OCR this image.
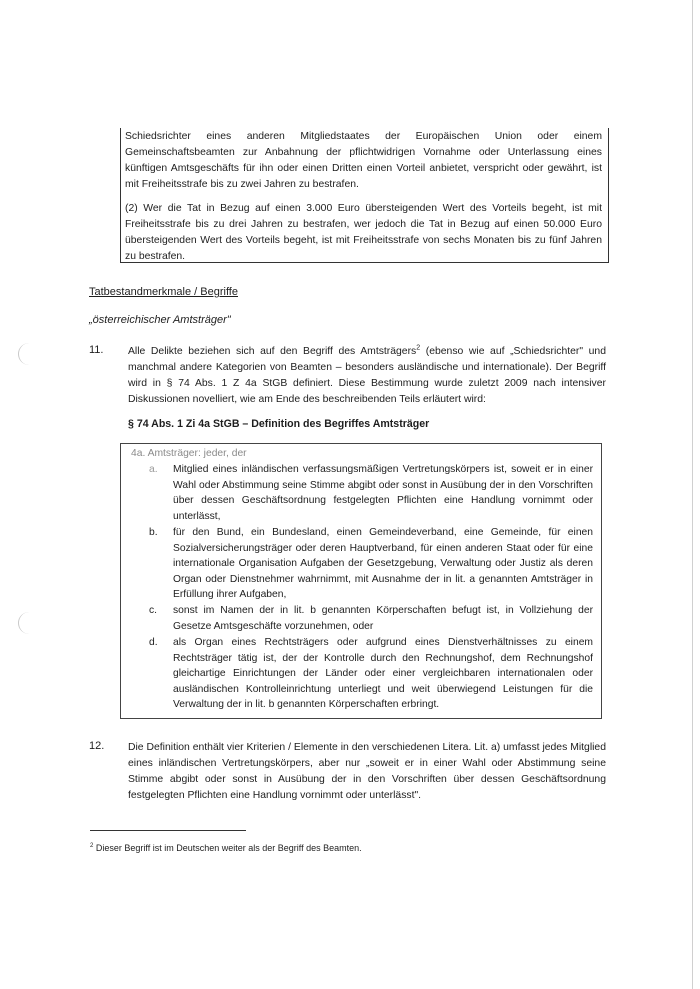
Schiedsrichter eines anderen Mitgliedstaates der Europäischen Union oder einem Gemeinschaftsbeamten zur Anbahnung der pflichtwidrigen Vornahme oder Unterlassung eines künftigen Amtsgeschäfts für ihn oder einen Dritten einen Vorteil anbietet, verspricht oder gewährt, ist mit Freiheitsstrafe bis zu zwei Jahren zu bestrafen.

(2) Wer die Tat in Bezug auf einen 3.000 Euro übersteigenden Wert des Vorteils begeht, ist mit Freiheitsstrafe bis zu drei Jahren zu bestrafen, wer jedoch die Tat in Bezug auf einen 50.000 Euro übersteigenden Wert des Vorteils begeht, ist mit Freiheitsstrafe von sechs Monaten bis zu fünf Jahren zu bestrafen.

Tatbestandmerkmale / Begriffe
„österreichischer Amtsträger"
11. Alle Delikte beziehen sich auf den Begriff des Amtsträgers$^2$ (ebenso wie auf „Schiedsrichter" und manchmal andere Kategorien von Beamten – besonders ausländische und internationale). Der Begriff wird in § 74 Abs. 1 Z 4a StGB definiert. Diese Bestimmung wurde zuletzt 2009 nach intensiver Diskussionen novelliert, wie am Ende des beschreibenden Teils erläutert wird:
§ 74 Abs. 1 Zi 4a StGB – Definition des Begriffes Amtsträger
4a. Amtsträger: jeder, der
a. Mitglied eines inländischen verfassungsmäßigen Vertretungskörpers ist, soweit er in einer Wahl oder Abstimmung seine Stimme abgibt oder sonst in Ausübung der in den Vorschriften über dessen Geschäftsordnung festgelegten Pflichten eine Handlung vornimmt oder unterlässt,
b. für den Bund, ein Bundesland, einen Gemeindeverband, eine Gemeinde, für einen Sozialversicherungsträger oder deren Hauptverband, für einen anderen Staat oder für eine internationale Organisation Aufgaben der Gesetzgebung, Verwaltung oder Justiz als deren Organ oder Dienstnehmer wahrnimmt, mit Ausnahme der in lit. a genannten Amtsträger in Erfüllung ihrer Aufgaben,
c. sonst im Namen der in lit. b genannten Körperschaften befugt ist, in Vollziehung der Gesetze Amtsgeschäfte vorzunehmen, oder
d. als Organ eines Rechtsträgers oder aufgrund eines Dienstverhältnisses zu einem Rechtsträger tätig ist, der der Kontrolle durch den Rechnungshof, dem Rechnungshof gleichartige Einrichtungen der Länder oder einer vergleichbaren internationalen oder ausländischen Kontrolleinrichtung unterliegt und weit überwiegend Leistungen für die Verwaltung der in lit. b genannten Körperschaften erbringt.
12. Die Definition enthält vier Kriterien / Elemente in den verschiedenen Litera. Lit. a) umfasst jedes Mitglied eines inländischen Vertretungskörpers, aber nur „soweit er in einer Wahl oder Abstimmung seine Stimme abgibt oder sonst in Ausübung der in den Vorschriften über dessen Geschäftsordnung festgelegten Pflichten eine Handlung vornimmt oder unterlässt".
$^2$ Dieser Begriff ist im Deutschen weiter als der Begriff des Beamten.
